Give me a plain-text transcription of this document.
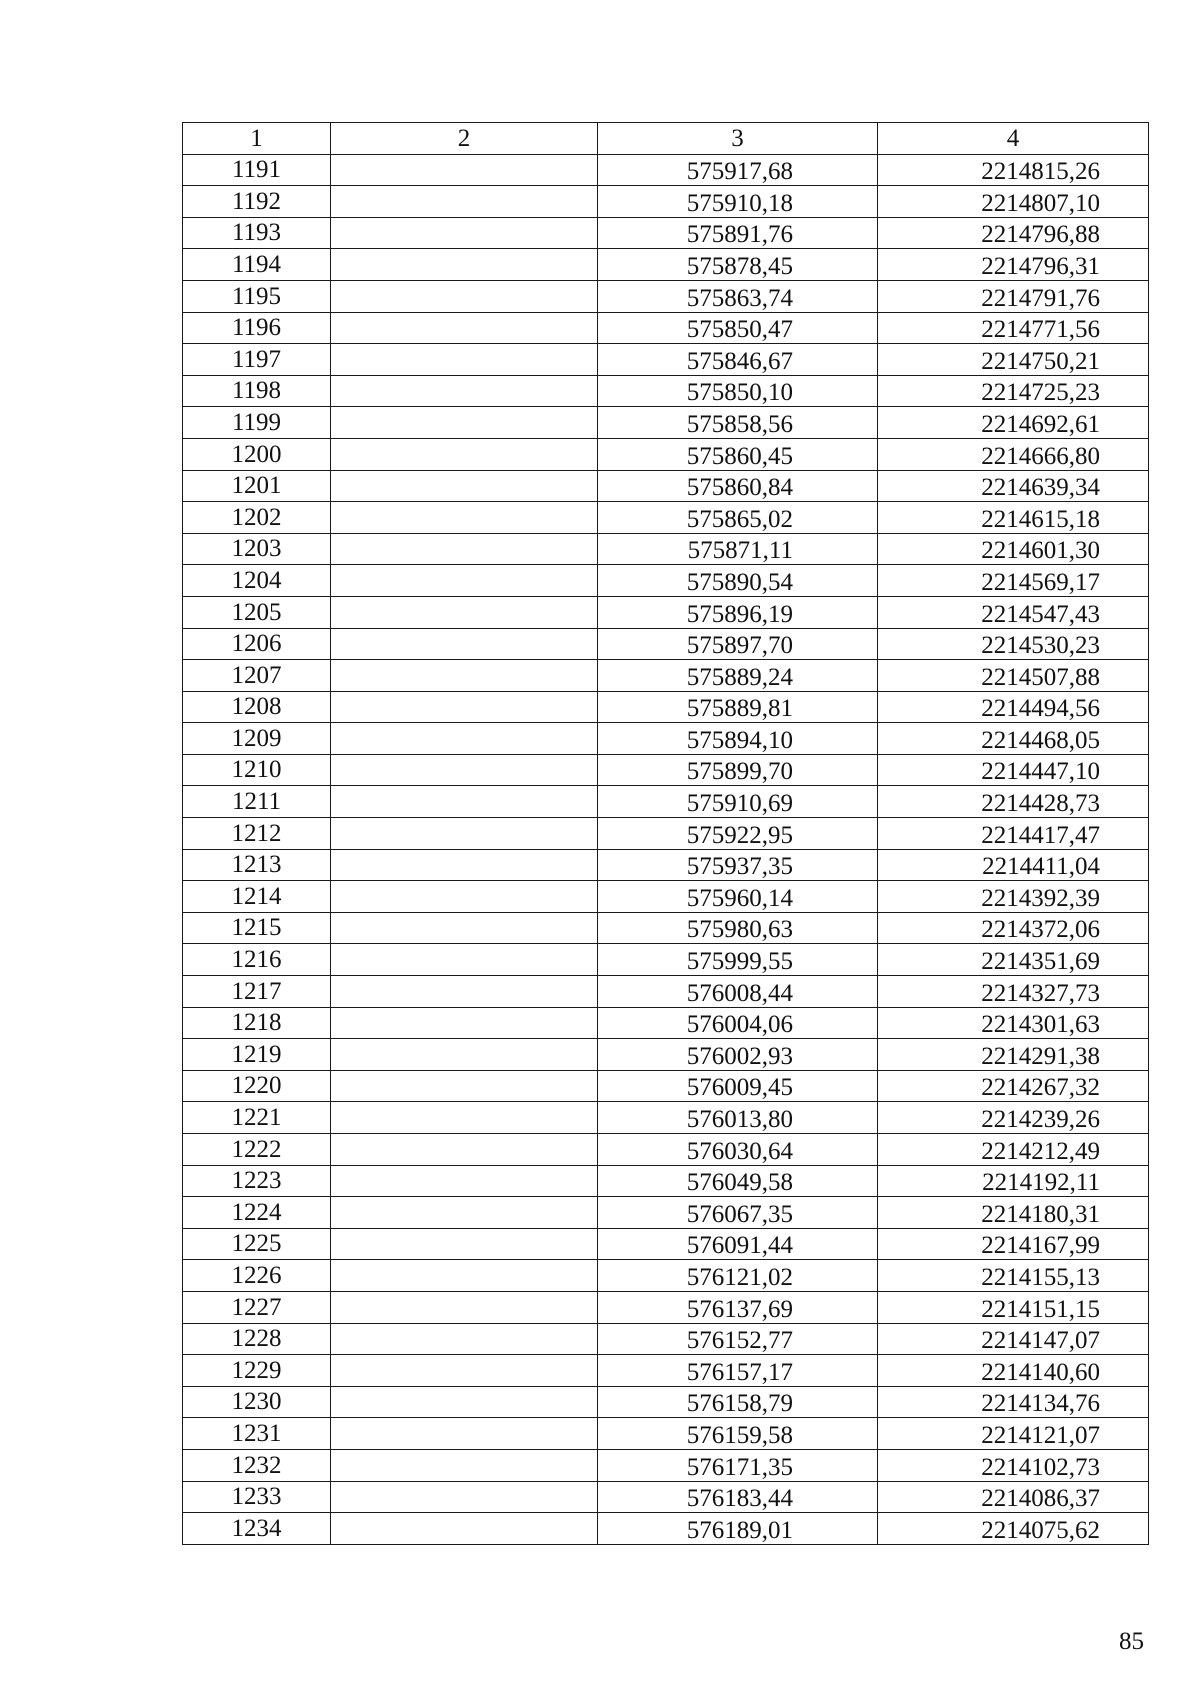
1	2	3	4
1191		575917,68	2214815,26
1192		575910,18	2214807,10
1193		575891,76	2214796,88
1194		575878,45	2214796,31
1195		575863,74	2214791,76
1196		575850,47	2214771,56
1197		575846,67	2214750,21
1198		575850,10	2214725,23
1199		575858,56	2214692,61
1200		575860,45	2214666,80
1201		575860,84	2214639,34
1202		575865,02	2214615,18
1203		575871,11	2214601,30
1204		575890,54	2214569,17
1205		575896,19	2214547,43
1206		575897,70	2214530,23
1207		575889,24	2214507,88
1208		575889,81	2214494,56
1209		575894,10	2214468,05
1210		575899,70	2214447,10
1211		575910,69	2214428,73
1212		575922,95	2214417,47
1213		575937,35	2214411,04
1214		575960,14	2214392,39
1215		575980,63	2214372,06
1216		575999,55	2214351,69
1217		576008,44	2214327,73
1218		576004,06	2214301,63
1219		576002,93	2214291,38
1220		576009,45	2214267,32
1221		576013,80	2214239,26
1222		576030,64	2214212,49
1223		576049,58	2214192,11
1224		576067,35	2214180,31
1225		576091,44	2214167,99
1226		576121,02	2214155,13
1227		576137,69	2214151,15
1228		576152,77	2214147,07
1229		576157,17	2214140,60
1230		576158,79	2214134,76
1231		576159,58	2214121,07
1232		576171,35	2214102,73
1233		576183,44	2214086,37
1234		576189,01	2214075,62
85
